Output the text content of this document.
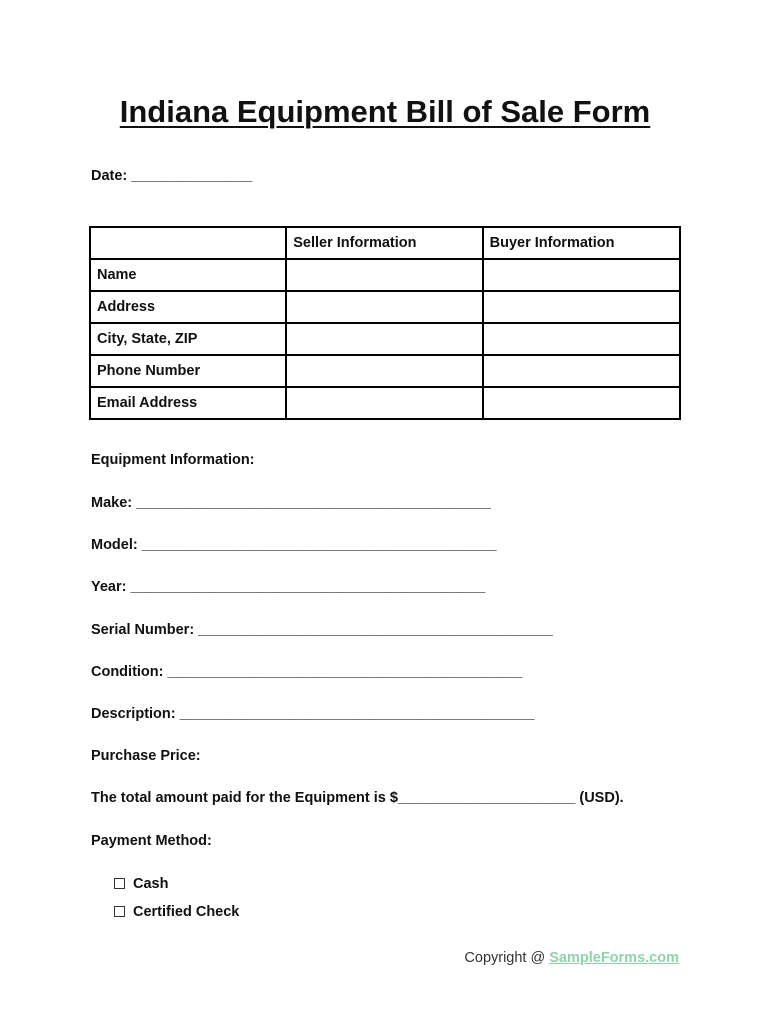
Indiana Equipment Bill of Sale Form
Date: _______________
	Seller Information	Buyer Information
Name		
Address		
City, State, ZIP		
Phone Number		
Email Address		
Equipment Information:
Make: ____________________________________________
Model: ____________________________________________
Year: ____________________________________________
Serial Number: ____________________________________________
Condition: ____________________________________________
Description: ____________________________________________
Purchase Price:
The total amount paid for the Equipment is $______________________ (USD).
Payment Method:
Cash
Certified Check
Copyright @ SampleForms.com
